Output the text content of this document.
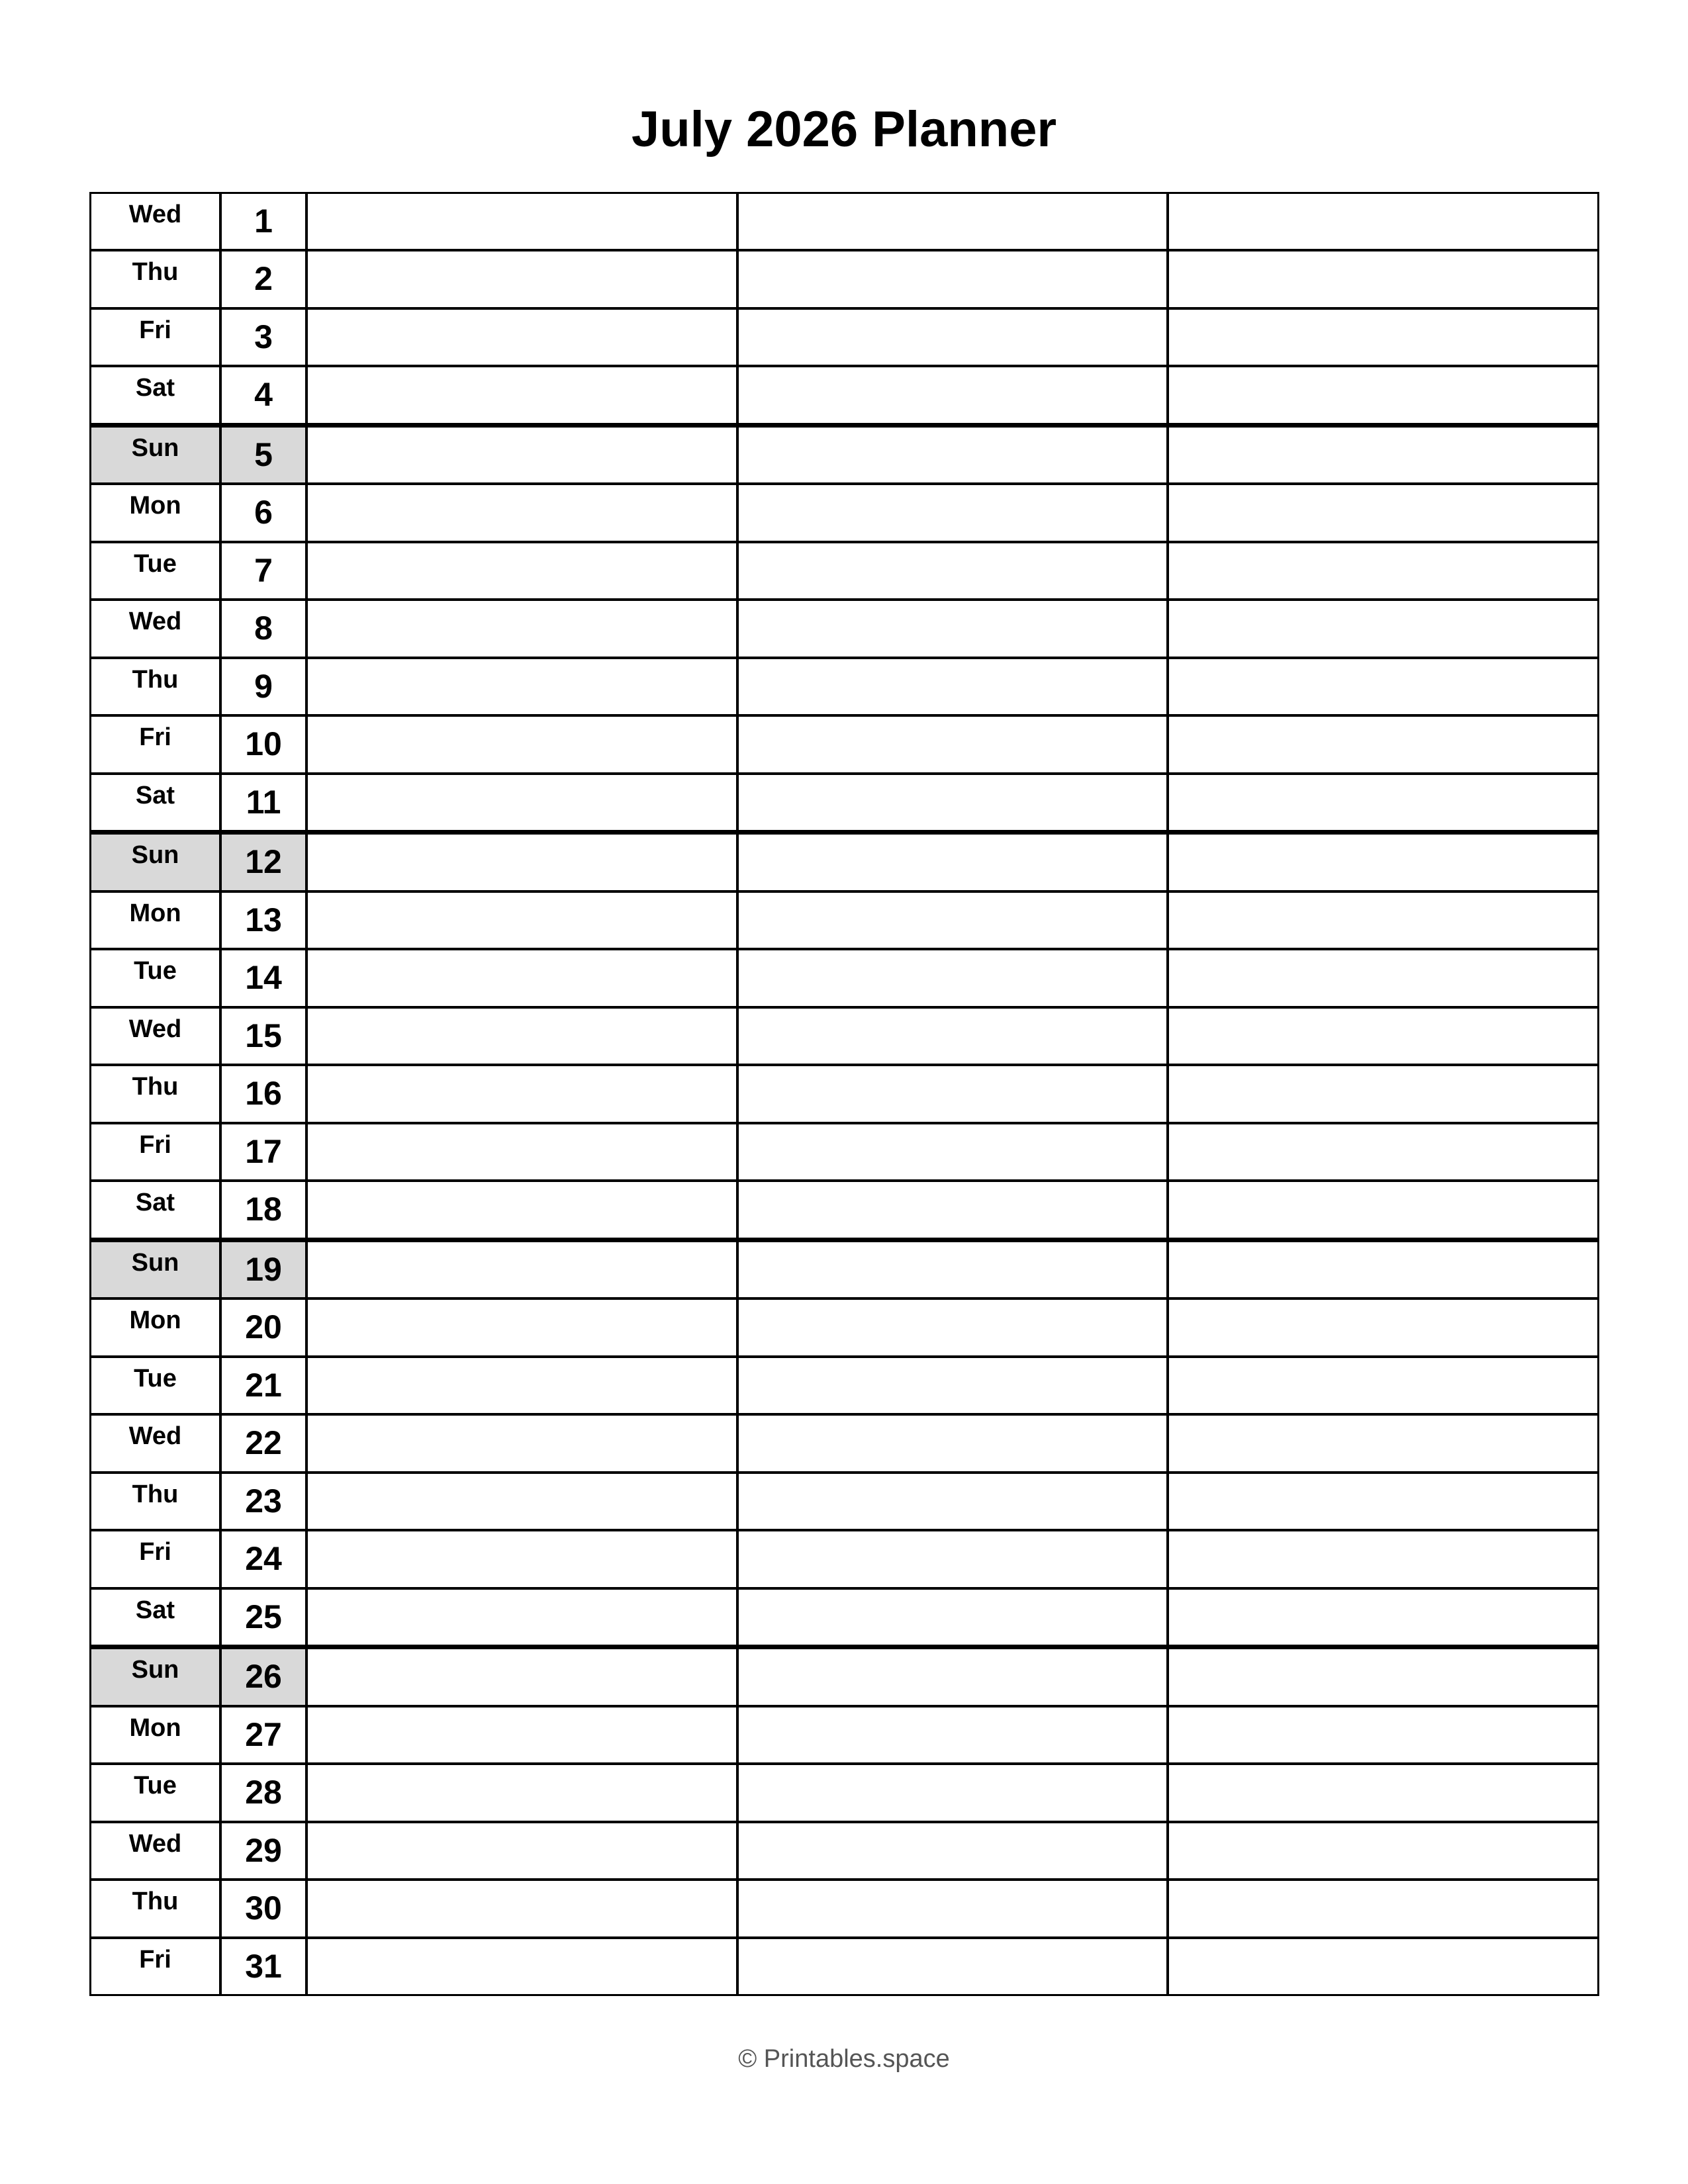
July 2026 Planner
Wed	1
Thu	2
Fri	3
Sat	4
Sun	5
Mon	6
Tue	7
Wed	8
Thu	9
Fri	10
Sat	11
Sun	12
Mon	13
Tue	14
Wed	15
Thu	16
Fri	17
Sat	18
Sun	19
Mon	20
Tue	21
Wed	22
Thu	23
Fri	24
Sat	25
Sun	26
Mon	27
Tue	28
Wed	29
Thu	30
Fri	31
© Printables.space
